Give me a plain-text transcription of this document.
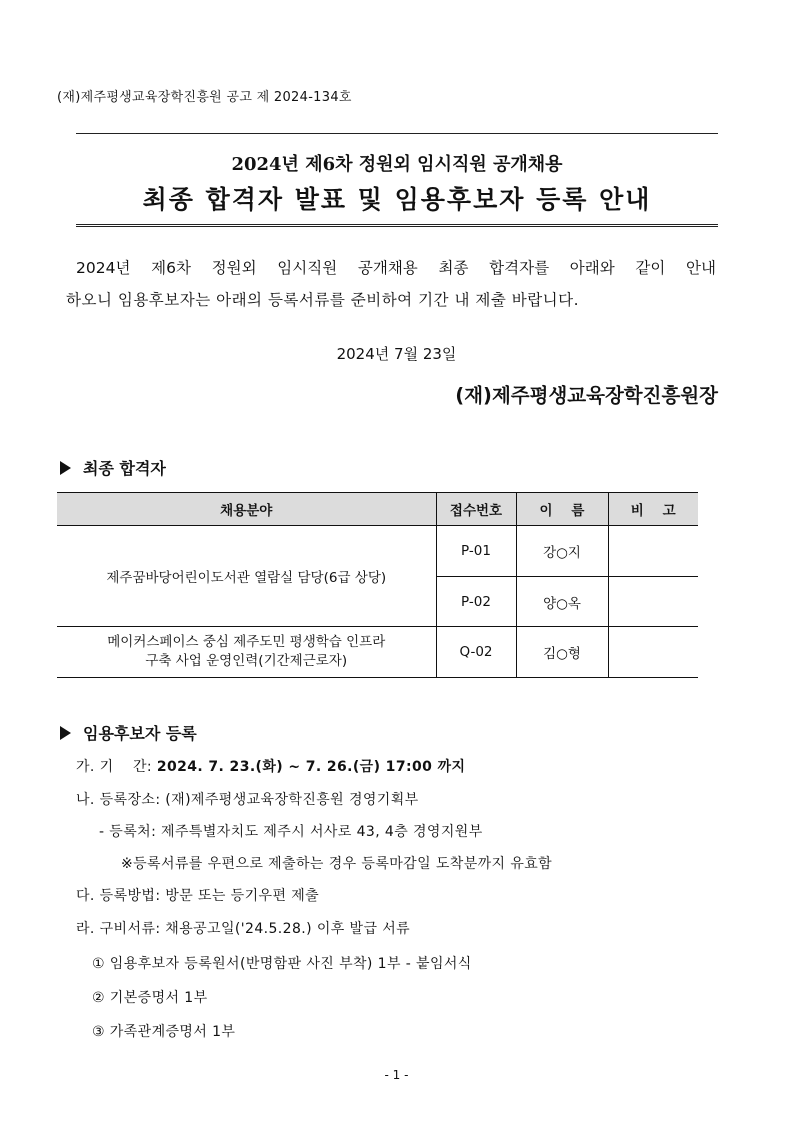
(재)제주평생교육장학진흥원 공고 제 2024-134호
2024년 제6차 정원외 임시직원 공개채용
최종 합격자 발표 및 임용후보자 등록 안내
2024년 제6차 정원외 임시직원 공개채용 최종 합격자를 아래와 같이 안내
하오니 임용후보자는 아래의 등록서류를 준비하여 기간 내 제출 바랍니다.
2024년 7월 23일
(재)제주평생교육장학진흥원장
최종 합격자
채용분야	접수번호	이    름	비    고
제주꿈바당어린이도서관 열람실 담당(6급 상당)	P-01	강○지	
	P-02	양○옥	

메이커스페이스 중심 제주도민 평생학습 인프라
구축 사업 운영인력(기간제근로자)	Q-02	김○형	
임용후보자 등록
가. 기    간: 2024. 7. 23.(화) ~ 7. 26.(금) 17:00 까지
나. 등록장소: (재)제주평생교육장학진흥원 경영기획부
- 등록처: 제주특별자치도 제주시 서사로 43, 4층 경영지원부
※등록서류를 우편으로 제출하는 경우 등록마감일 도착분까지 유효함
다. 등록방법: 방문 또는 등기우편 제출
라. 구비서류: 채용공고일('24.5.28.) 이후 발급 서류
① 임용후보자 등록원서(반명함판 사진 부착) 1부 - 붙임서식
② 기본증명서 1부
③ 가족관계증명서 1부
- 1 -
